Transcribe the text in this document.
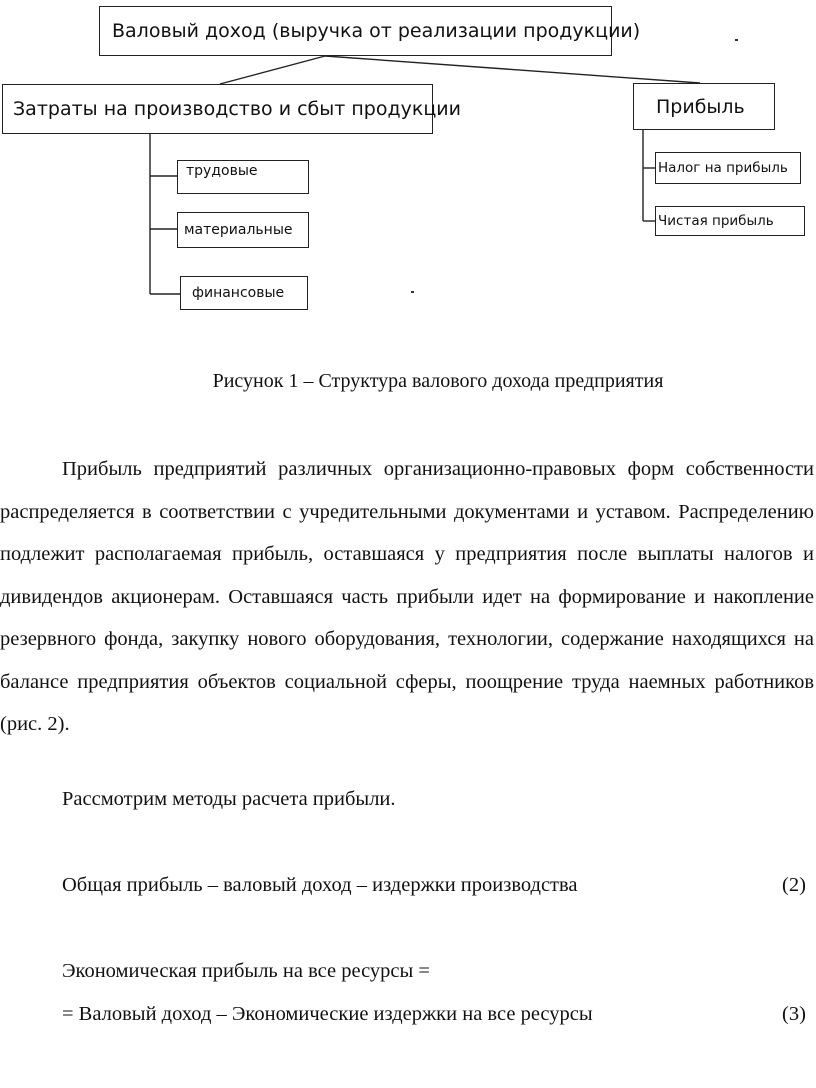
Валовый доход (выручка от реализации продукции)
Затраты на производство и сбыт продукции	Прибыль
трудовые
материальные
финансовые
Налог на прибыль
Чистая прибыль
Рисунок 1 – Структура валового дохода предприятия

Прибыль предприятий различных организационно-правовых форм собственности распределяется в соответствии с учредительными документами и уставом. Распределению подлежит располагаемая прибыль, оставшаяся у предприятия после выплаты налогов и дивидендов акционерам. Оставшаяся часть прибыли идет на формирование и накопление резервного фонда, закупку нового оборудования, технологии, содержание находящихся на балансе предприятия объектов социальной сферы, поощрение труда наемных работников (рис. 2).

Рассмотрим методы расчета прибыли.
Общая прибыль – валовый доход – издержки производства	(2)
Экономическая прибыль на все ресурсы =
= Валовый доход – Экономические издержки на все ресурсы	(3)
